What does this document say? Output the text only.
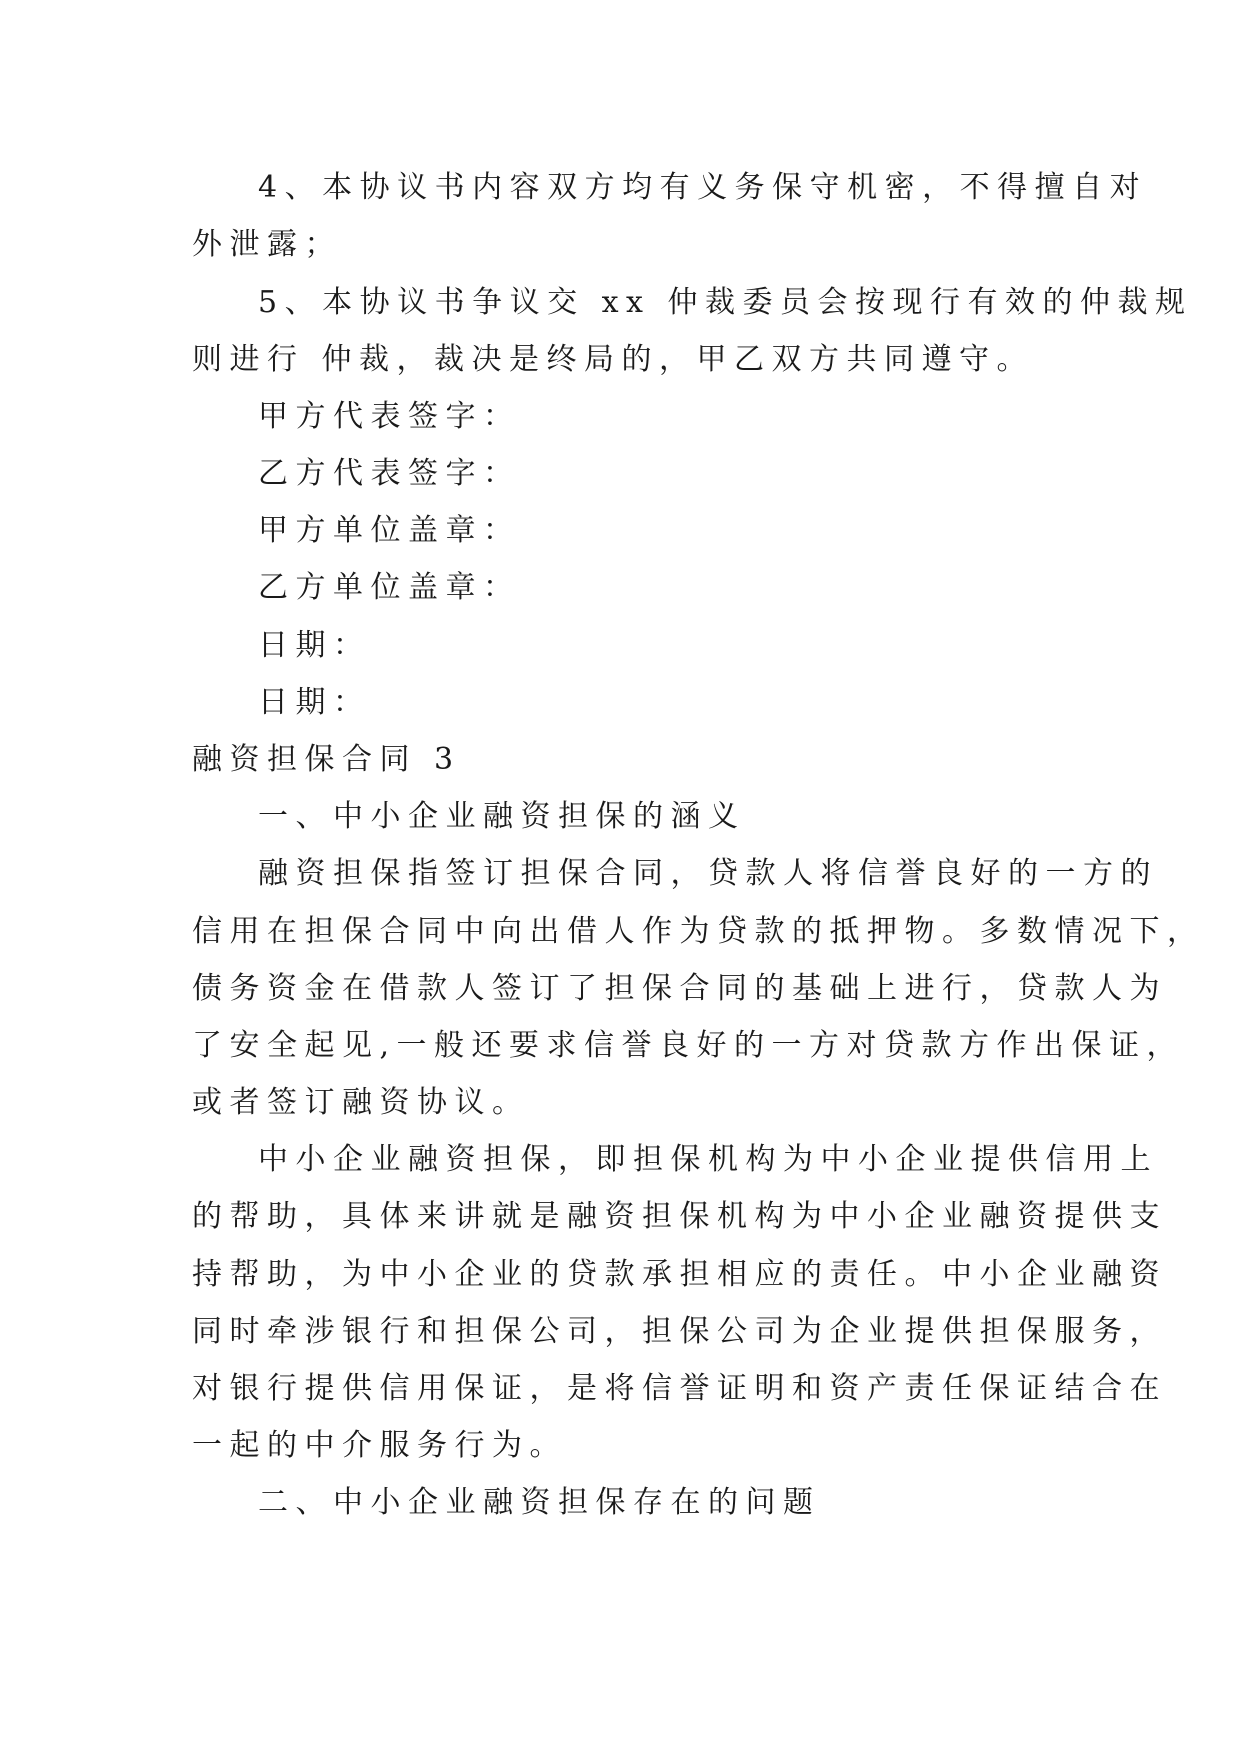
4、本协议书内容双方均有义务保守机密，不得擅自对
外泄露；
5、本协议书争议交 xx 仲裁委员会按现行有效的仲裁规
则进行 仲裁，裁决是终局的，甲乙双方共同遵守。
甲方代表签字：
乙方代表签字：
甲方单位盖章：
乙方单位盖章：
日期：
日期：
融资担保合同 3
一、中小企业融资担保的涵义
融资担保指签订担保合同，贷款人将信誉良好的一方的
信用在担保合同中向出借人作为贷款的抵押物。多数情况下，
债务资金在借款人签订了担保合同的基础上进行，贷款人为
了安全起见,一般还要求信誉良好的一方对贷款方作出保证，
或者签订融资协议。
中小企业融资担保，即担保机构为中小企业提供信用上
的帮助，具体来讲就是融资担保机构为中小企业融资提供支
持帮助，为中小企业的贷款承担相应的责任。中小企业融资
同时牵涉银行和担保公司，担保公司为企业提供担保服务，
对银行提供信用保证，是将信誉证明和资产责任保证结合在
一起的中介服务行为。
二、中小企业融资担保存在的问题
